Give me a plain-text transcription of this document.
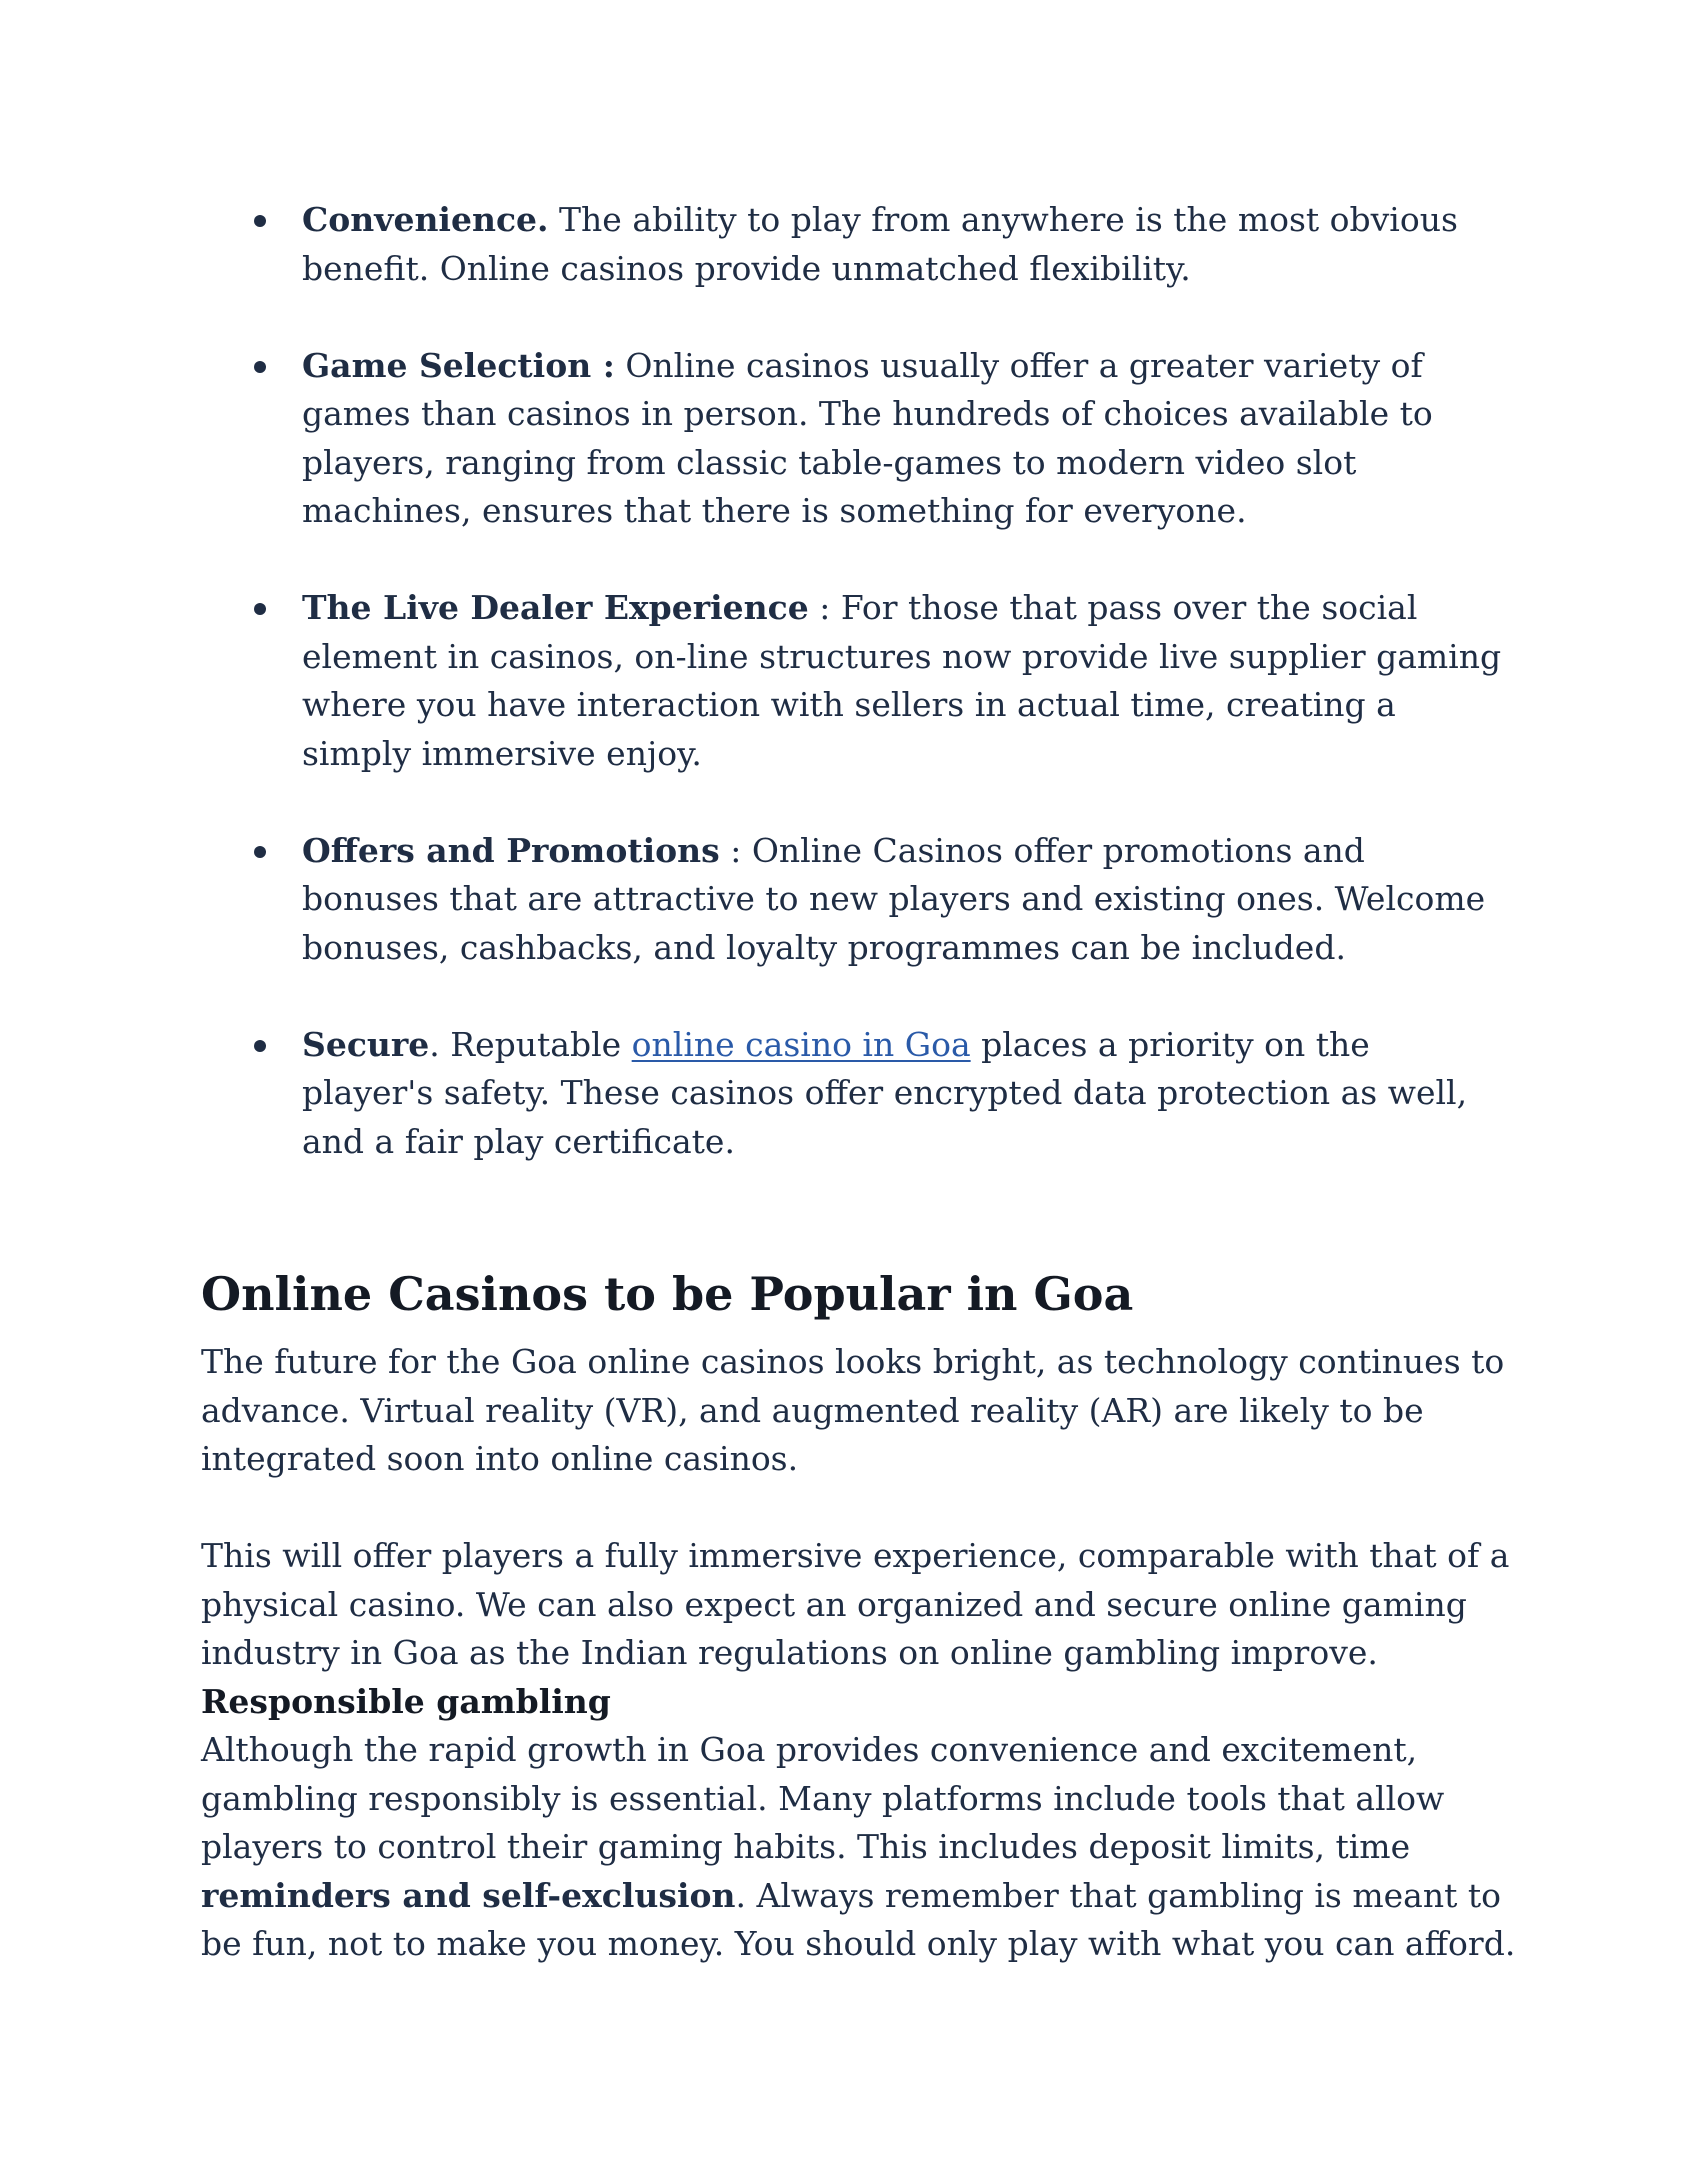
Convenience. The ability to play from anywhere is the most obvious benefit. Online casinos provide unmatched flexibility.
Game Selection : Online casinos usually offer a greater variety of games than casinos in person. The hundreds of choices available to players, ranging from classic table-games to modern video slot machines, ensures that there is something for everyone.
The Live Dealer Experience : For those that pass over the social element in casinos, on-line structures now provide live supplier gaming where you have interaction with sellers in actual time, creating a simply immersive enjoy.
Offers and Promotions : Online Casinos offer promotions and bonuses that are attractive to new players and existing ones. Welcome bonuses, cashbacks, and loyalty programmes can be included.
Secure. Reputable online casino in Goa places a priority on the player's safety. These casinos offer encrypted data protection as well, and a fair play certificate.
Online Casinos to be Popular in Goa

The future for the Goa online casinos looks bright, as technology continues to advance. Virtual reality (VR), and augmented reality (AR) are likely to be integrated soon into online casinos.

This will offer players a fully immersive experience, comparable with that of a physical casino. We can also expect an organized and secure online gaming industry in Goa as the Indian regulations on online gambling improve.

Responsible gambling

Although the rapid growth in Goa provides convenience and excitement, gambling responsibly is essential. Many platforms include tools that allow players to control their gaming habits. This includes deposit limits, time reminders and self-exclusion. Always remember that gambling is meant to be fun, not to make you money. You should only play with what you can afford.
